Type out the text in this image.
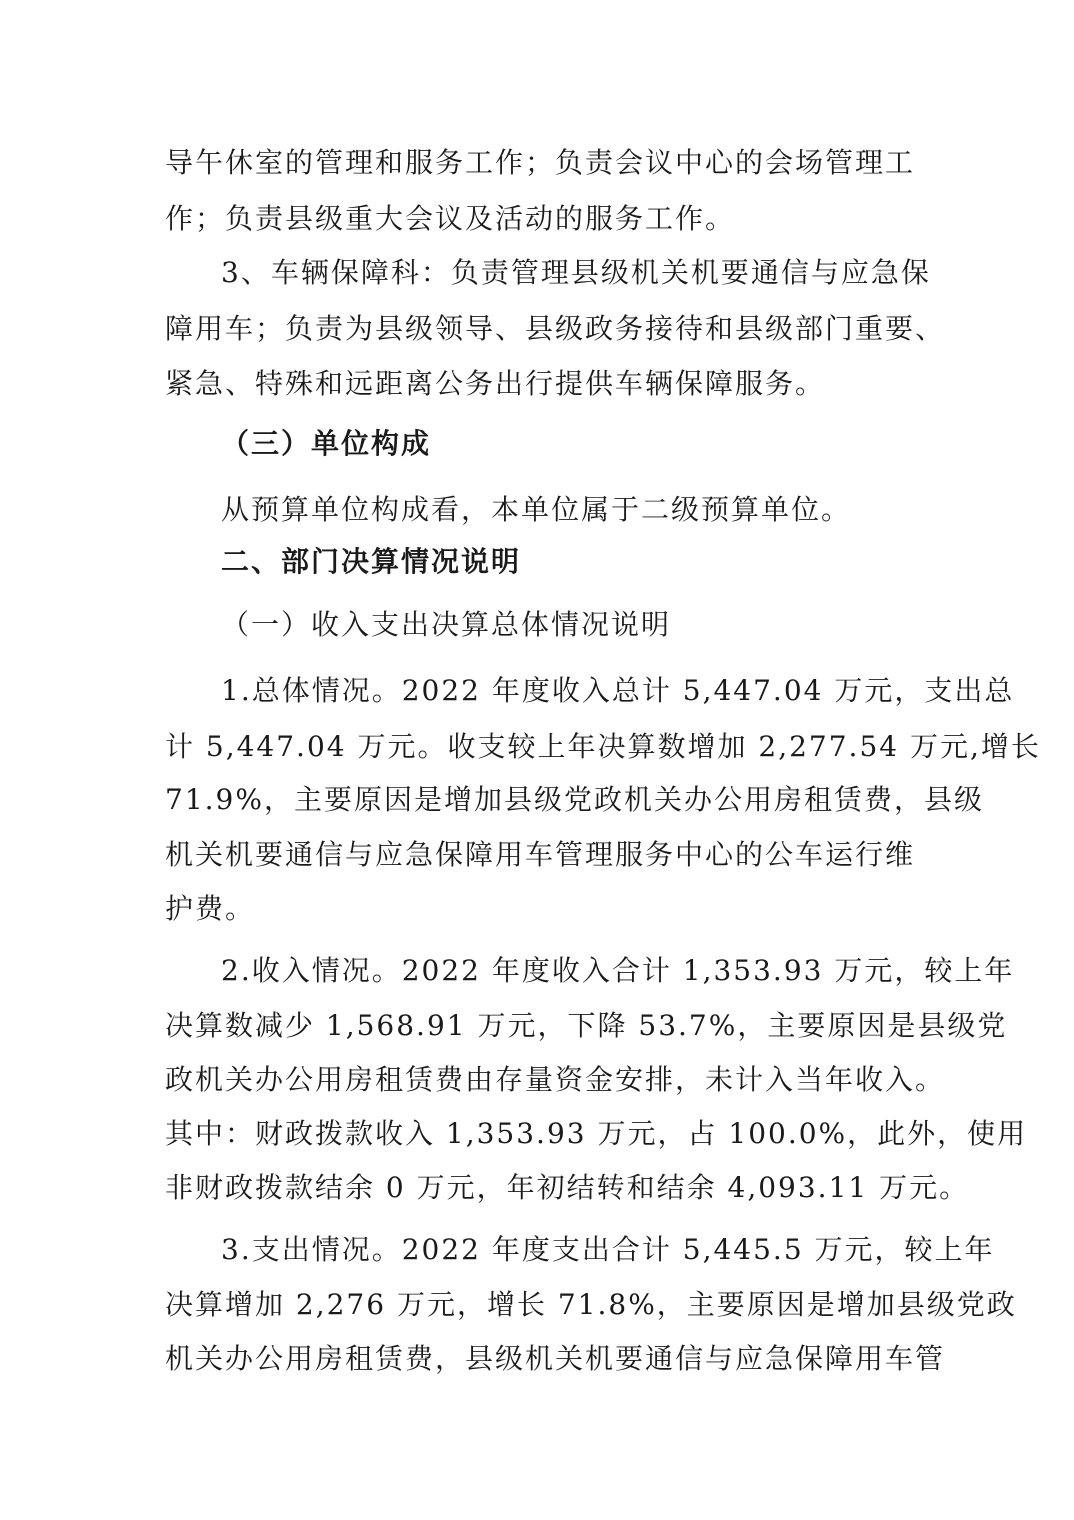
导午休室的管理和服务工作；负责会议中心的会场管理工
作；负责县级重大会议及活动的服务工作。
3、车辆保障科：负责管理县级机关机要通信与应急保
障用车；负责为县级领导、县级政务接待和县级部门重要、
紧急、特殊和远距离公务出行提供车辆保障服务。
（三）单位构成
从预算单位构成看，本单位属于二级预算单位。
二、部门决算情况说明
（一）收入支出决算总体情况说明
1.总体情况。2022 年度收入总计 5,447.04 万元，支出总
计 5,447.04 万元。收支较上年决算数增加 2,277.54 万元,增长
71.9%，主要原因是增加县级党政机关办公用房租赁费，县级
机关机要通信与应急保障用车管理服务中心的公车运行维
护费。
2.收入情况。2022 年度收入合计 1,353.93 万元，较上年
决算数减少 1,568.91 万元，下降 53.7%，主要原因是县级党
政机关办公用房租赁费由存量资金安排，未计入当年收入。
其中：财政拨款收入 1,353.93 万元，占 100.0%，此外，使用
非财政拨款结余 0 万元，年初结转和结余 4,093.11 万元。
3.支出情况。2022 年度支出合计 5,445.5 万元，较上年
决算增加 2,276 万元，增长 71.8%，主要原因是增加县级党政
机关办公用房租赁费，县级机关机要通信与应急保障用车管
